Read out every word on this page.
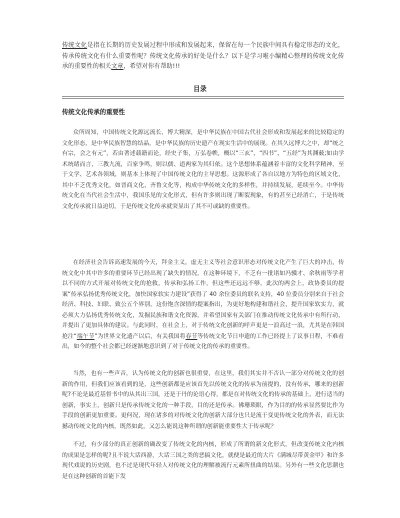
传统文化是指在长期的历史发展过程中形成和发展起来，保留在每一个民族中间具有稳定形态的文化，传承传统文化有什么重要性呢？传统文化传承的好处是什么？以下是学习啦小编精心整理的传统文化传承的重要性的相关文章，希望对你有帮助!!!
目录
传统文化传承的重要性
众所周知，中国传统文化源远流长，博大精深，是中华民族在中国古代社会形成和发展起来的比较稳定的文化形态，是中华民族智慧的结晶，是中华民族的历史遗产在现实生活中的展现。在其久远博大之中，却“统之有宗，会之有元”，若由著述载籍而论，经史子集，万弘卷帙，概以“三玄”、“四书”、“五经”为其渊薮;如由学术统绪而言，三教九流，百家争鸣，则以儒、道两家为其归依。这个思想体系蕴涵着丰富的文化科学精神，至于文学、艺术各领域，则基本上体现了中国传统文化的主导思想。这源形成了各自以地方为特色的区域文化，其中不乏优秀文化，如晋商文化、齐鲁文化等，构成中华传统文化的多样性，并持续发展，延续至今。中华传统文化在当代社会生活中，我国乐见的文化形式，但有许多则出现了断裂现象，有的甚至已经消亡，于是传统文化传承就日益迫切，于是传统文化传承就突显出了其不可或缺的重要性。
在经济社会告诉高速发展的今天，拜金主义，虚无主义等社会意识形态对传统文化产生了巨大的冲击，传统文化中其中许多的重要环节已经出现了缺失的情况，在这种环境下，不乏有一批诸如冯骥才、余秋雨等学者以不同的方式开展对传统文化的抢救，传承和弘扬工作，但这些还远远不够，此次的两会上，政协委员的提案“传承弘扬优秀传统文化，加快国家软实力建设”获得了 40 余位委员的联名支持，40 位委员分别来自于社会经济、科技、妇联、致公五个界别，这份饱含深情的提案指出，为更好地构建和谐社会，提升国家软实力，就必须大力弘扬优秀传统文化，发掘民族和谐文化资源，并希望国家有关部门在推动传统文化传承中有所行动，并提出了更加具体的建议。与此同时，在社会上，对于传统文化创新的呼声更是一浪高过一浪，尤其是在韩国抢注“端午节”为世界文化遗产以后，有关我国将春节等传统文化节日申遗的工作已经提上了议事日程，不难看出，如今的整个社会都已经逐渐地意识到了对于传统文化的传承的重要性。
当然，也有一些声音，认为传统文化的创新也很重要，在这里，我们其实并不否认一部分对传统文化的创新的作用，但我们应该看到的是，这些创新都是应该首先以传统文化的传承为前提的，没有传承，哪来的创新呢?不论是最近基督书中的从其出三国，还是于丹的论语心得，都是在对传统文化的传承的基础上，进行适当的创新，事实上，创新只是传承传统文化的一种手段，目的还是传承。佛珊琐眼，作为目的的传承显然要比作为手段的创新更加重要。更何况，现在诸多的对传统文化的创新大部分也只是流于变更传统文化的外表，而无法撼动传统文化的内核，既然如此，又怎么能说这种所谓的创新能重要性大于传承呢？
不过，有少部分的真正创新的确改变了传统文化的内核，形成了所谓的新文化形式，但改变传统文化内核的成果是怎样的呢?且不说大话西游，大话三国之类的恶搞文化，就便是最近的大片《满城尽带黄金甲》和许多现代戏说的历史剧，也不过是现代年轻人对传统文化的理解被流行元素所扭曲的结果。另外有一些文化思潮也是在这种创新的首能下发
